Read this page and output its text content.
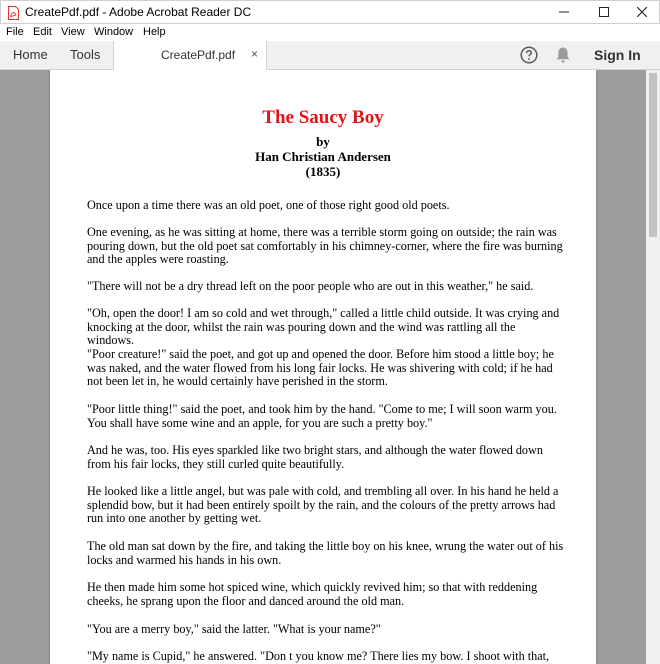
CreatePdf.pdf - Adobe Acrobat Reader DC
File Edit View Window Help
Home Tools	CreatePdf.pdf ×	Sign In
The Saucy Boy
by
Han Christian Andersen
(1835)
Once upon a time there was an old poet, one of those right good old poets.
One evening, as he was sitting at home, there was a terrible storm going on outside; the rain was pouring down, but the old poet sat comfortably in his chimney-corner, where the fire was burning and the apples were roasting.
"There will not be a dry thread left on the poor people who are out in this weather," he said.
"Oh, open the door! I am so cold and wet through," called a little child outside. It was crying and knocking at the door, whilst the rain was pouring down and the wind was rattling all the windows.
"Poor creature!" said the poet, and got up and opened the door. Before him stood a little boy; he was naked, and the water flowed from his long fair locks. He was shivering with cold; if he had not been let in, he would certainly have perished in the storm.
"Poor little thing!" said the poet, and took him by the hand. "Come to me; I will soon warm you. You shall have some wine and an apple, for you are such a pretty boy."
And he was, too. His eyes sparkled like two bright stars, and although the water flowed down from his fair locks, they still curled quite beautifully.
He looked like a little angel, but was pale with cold, and trembling all over. In his hand he held a splendid bow, but it had been entirely spoilt by the rain, and the colours of the pretty arrows had run into one another by getting wet.
The old man sat down by the fire, and taking the little boy on his knee, wrung the water out of his locks and warmed his hands in his own.
He then made him some hot spiced wine, which quickly revived him; so that with reddening cheeks, he sprang upon the floor and danced around the old man.
"You are a merry boy," said the latter. "What is your name?"
"My name is Cupid," he answered. "Don t you know me? There lies my bow. I shoot with that,
